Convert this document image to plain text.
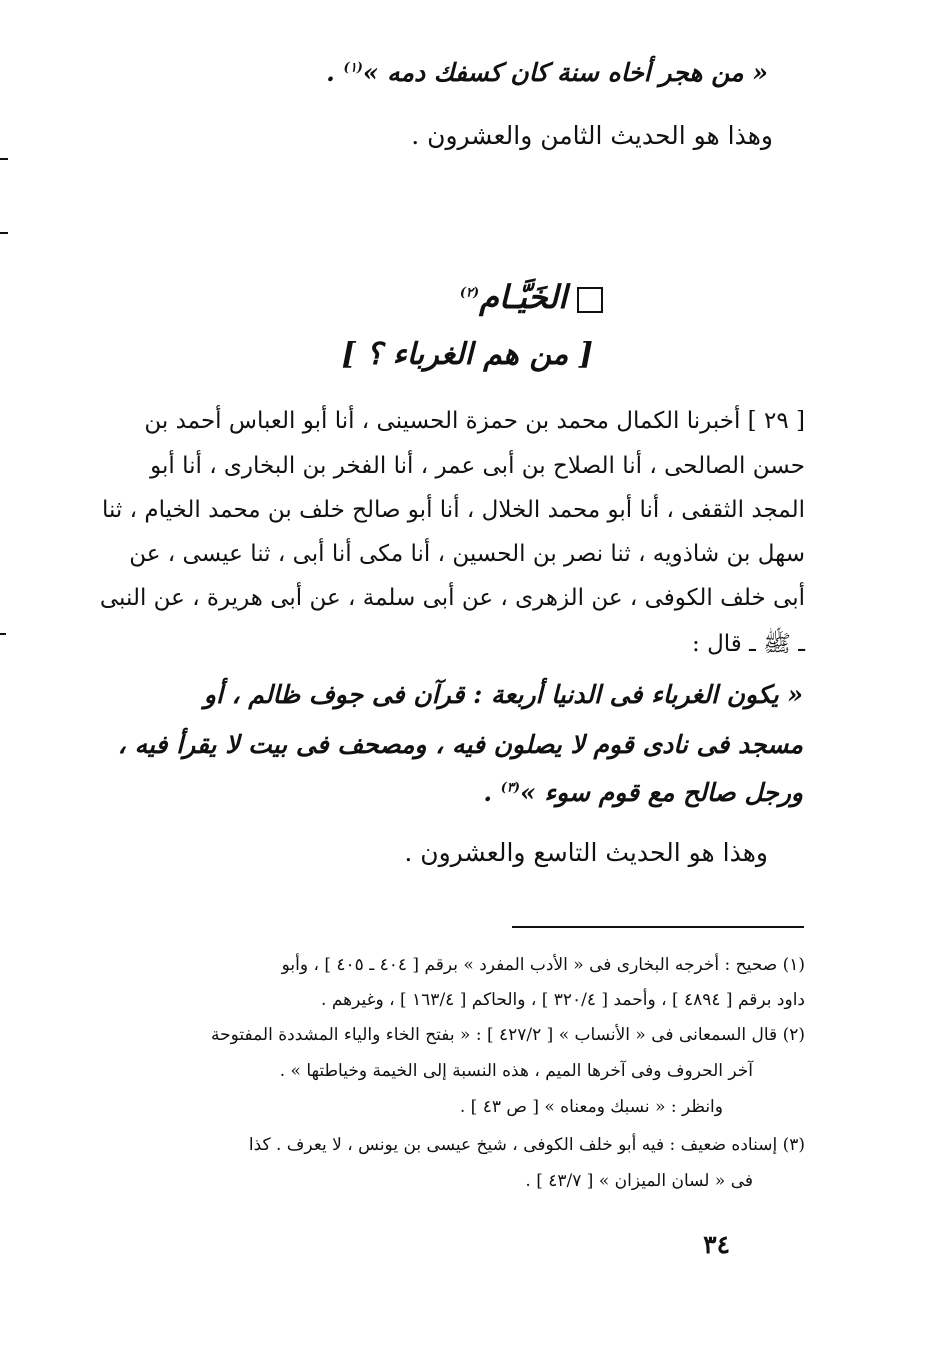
« من هجر أخاه سنة كان كسفك دمه »$^{(١)}$ .
وهذا هو الحديث الثامن والعشرون .
الخَيَّـام$^{(٢)}$
[ من هم الغرباء ؟ ]
[ ٢٩ ] أخبرنا الكمال محمد بن حمزة الحسينى ، أنا أبو العباس أحمد بن
حسن الصالحى ، أنا الصلاح بن أبى عمر ، أنا الفخر بن البخارى ، أنا أبو
المجد الثقفى ، أنا أبو محمد الخلال ، أنا أبو صالح خلف بن محمد الخيام ، ثنا
سهل بن شاذويه ، ثنا نصر بن الحسين ، أنا مكى أنا أبى ، ثنا عيسى ، عن
أبى خلف الكوفى ، عن الزهرى ، عن أبى سلمة ، عن أبى هريرة ، عن النبى
ـ ﷺ ـ قال :
« يكون الغرباء فى الدنيا أربعة : قرآن فى جوف ظالم ، أو
مسجد فى نادى قوم لا يصلون فيه ، ومصحف فى بيت لا يقرأ فيه ،
ورجل صالح مع قوم سوء »$^{(٣)}$ .
وهذا هو الحديث التاسع والعشرون .
(١) صحيح : أخرجه البخارى فى « الأدب المفرد » برقم [ ٤٠٤ ـ ٤٠٥ ] ، وأبو
داود برقم [ ٤٨٩٤ ] ، وأحمد [ ٣٢٠/٤ ] ، والحاكم [ ١٦٣/٤ ] ، وغيرهم .
(٢) قال السمعانى فى « الأنساب » [ ٤٢٧/٢ ] : « بفتح الخاء والياء المشددة المفتوحة
آخر الحروف وفى آخرها الميم ، هذه النسبة إلى الخيمة وخياطتها » .
وانظر : « نسبك ومعناه » [ ص ٤٣ ] .
(٣) إسناده ضعيف : فيه أبو خلف الكوفى ، شيخ عيسى بن يونس ، لا يعرف . كذا
فى « لسان الميزان » [ ٤٣/٧ ] .
٣٤
